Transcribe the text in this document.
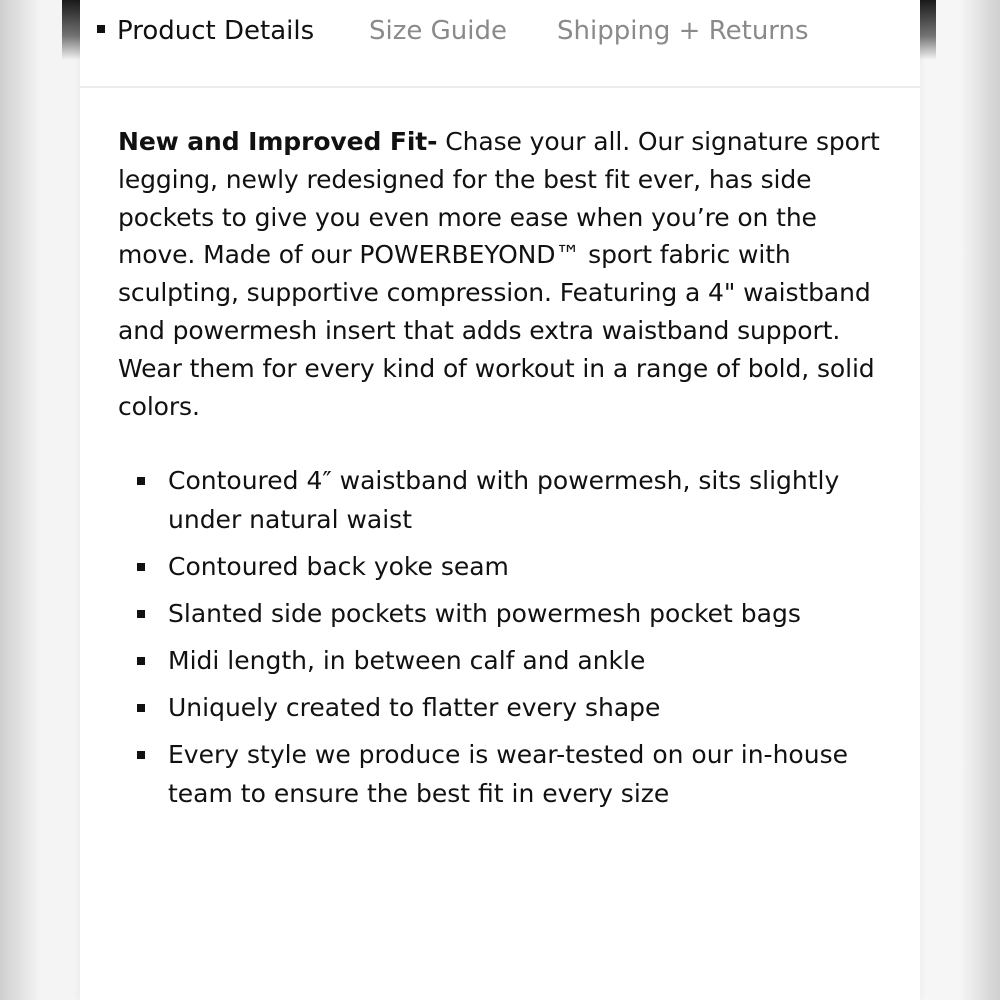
Product Details Size Guide Shipping + Returns

New and Improved Fit- Chase your all. Our signature sport legging, newly redesigned for the best fit ever, has side pockets to give you even more ease when you’re on the move. Made of our POWERBEYOND™ sport fabric with sculpting, supportive compression. Featuring a 4" waistband and powermesh insert that adds extra waistband support. Wear them for every kind of workout in a range of bold, solid colors.

Contoured 4″ waistband with powermesh, sits slightly under natural waist
Contoured back yoke seam
Slanted side pockets with powermesh pocket bags
Midi length, in between calf and ankle
Uniquely created to flatter every shape
Every style we produce is wear-tested on our in-house team to ensure the best fit in every size
